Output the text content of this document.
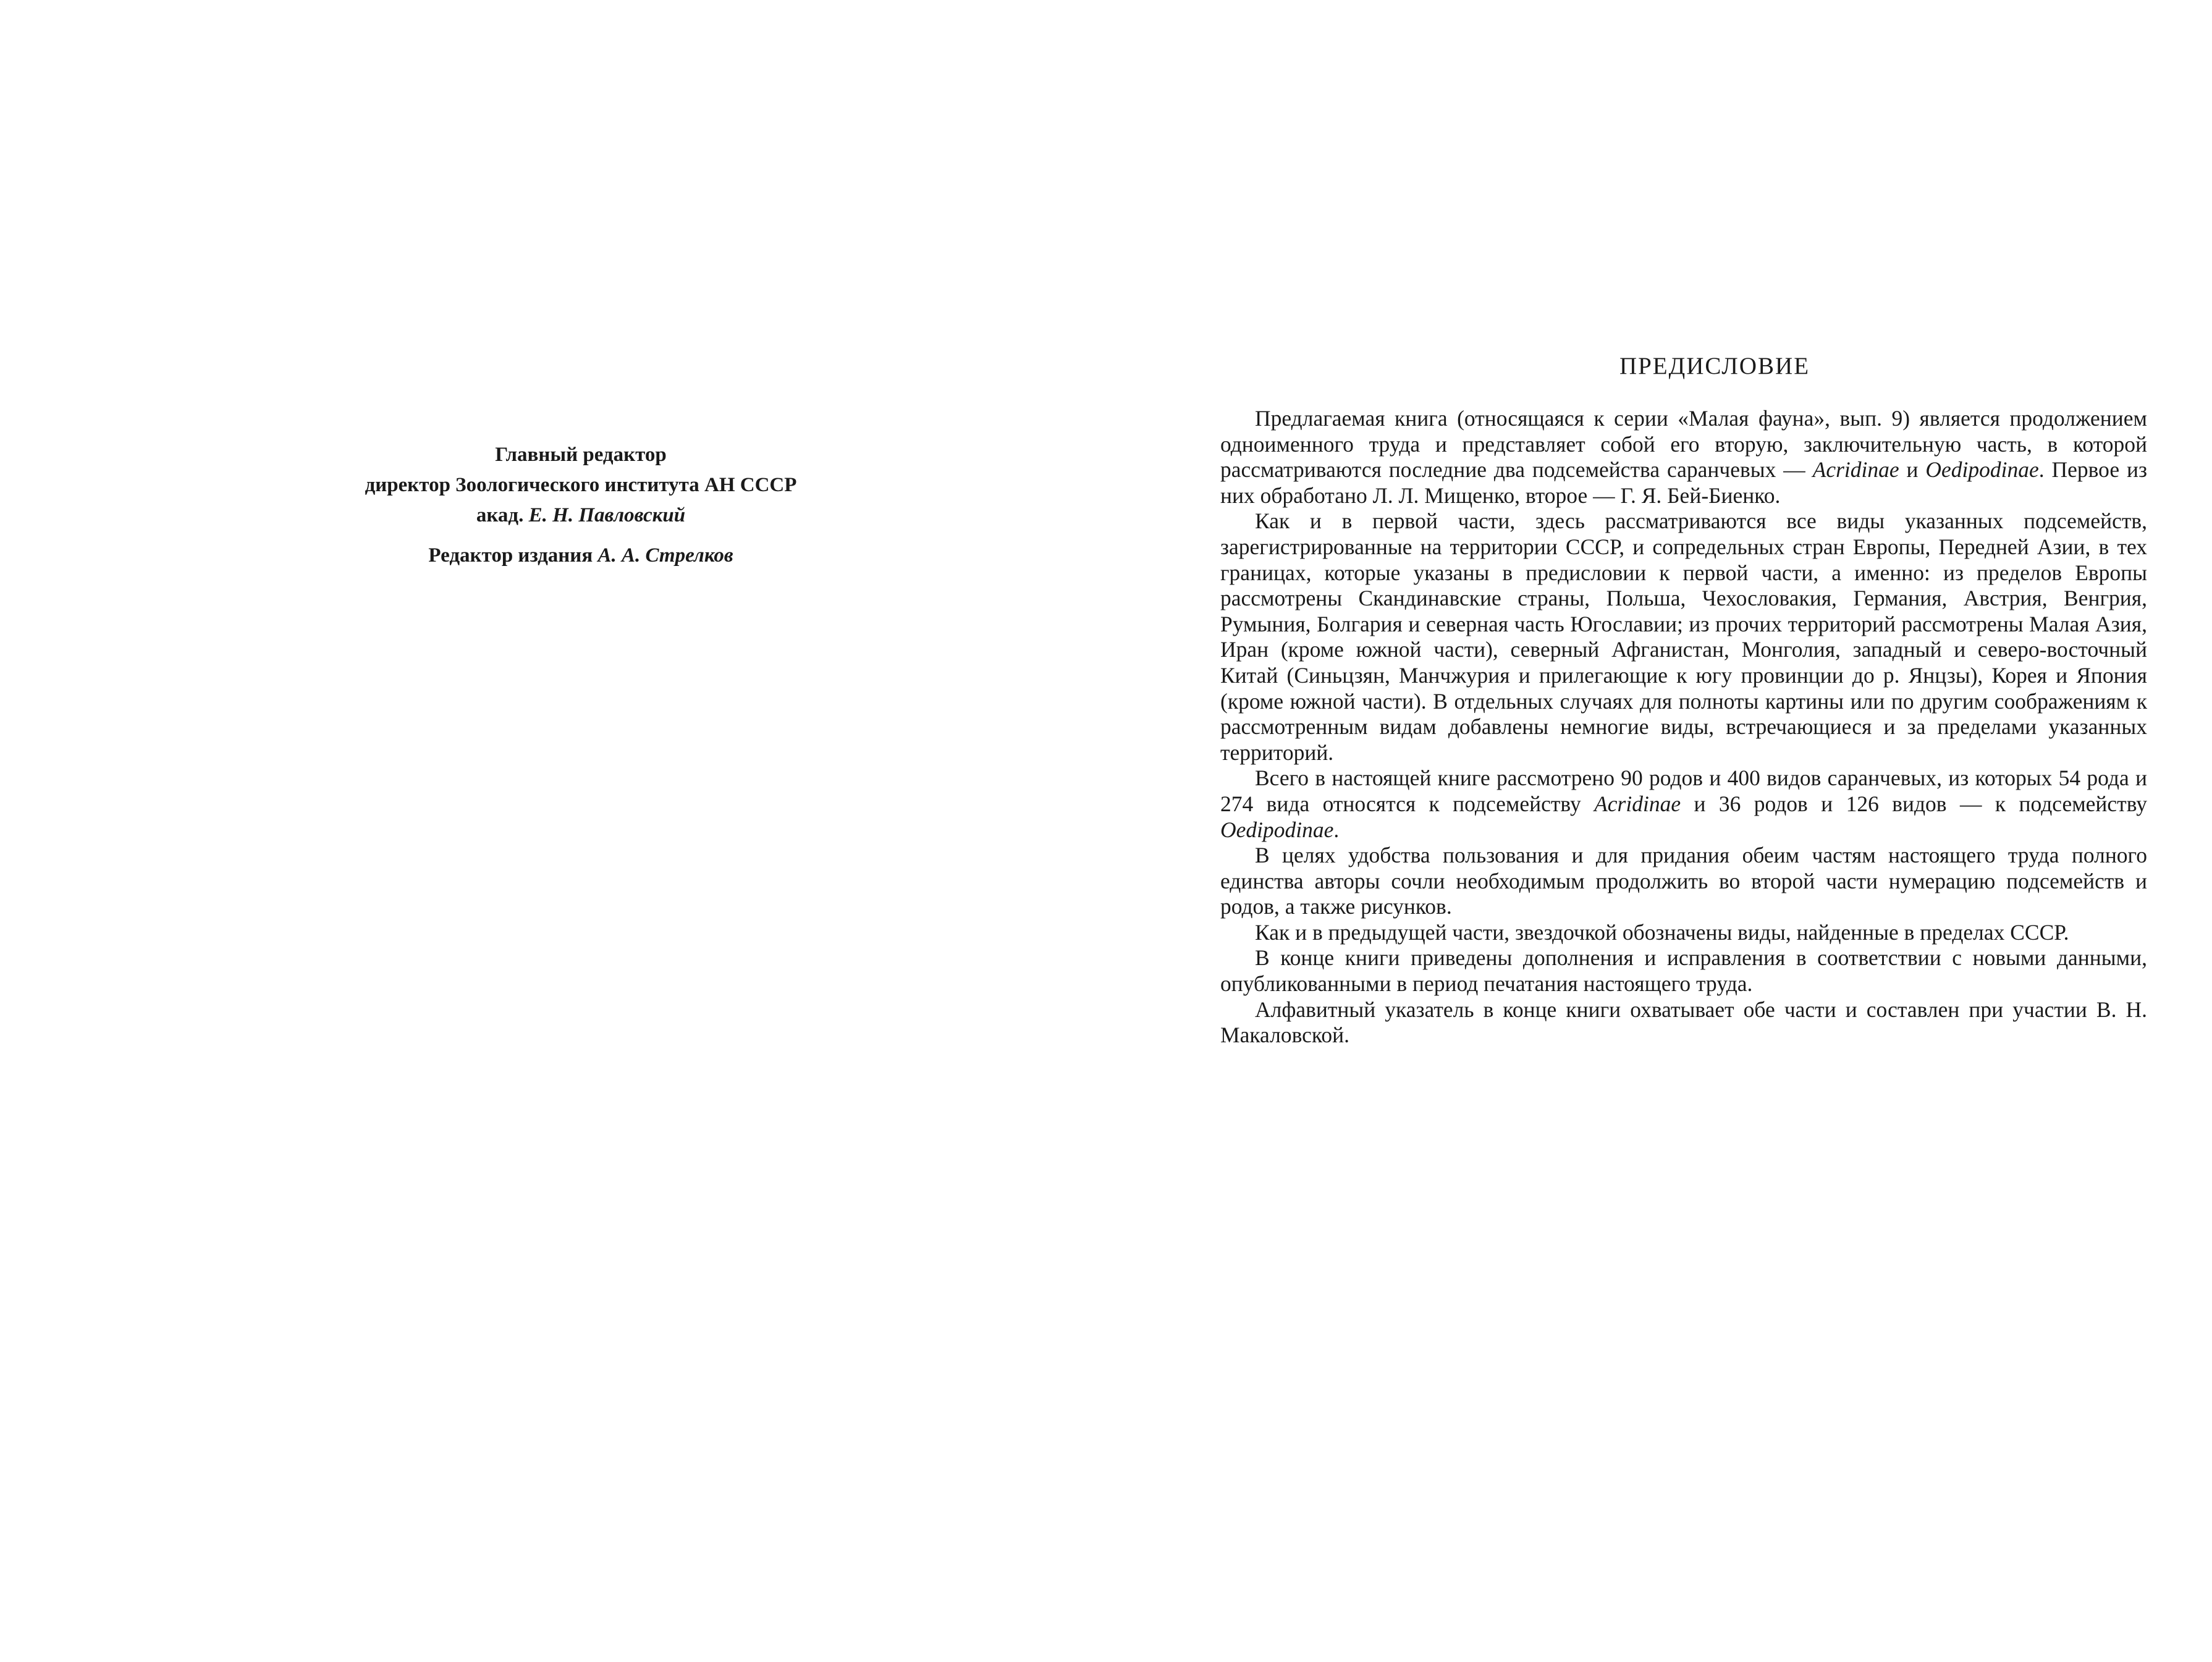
Главный редактор
директор Зоологического института АН СССР
акад. Е. Н. Павловский
Редактор издания А. А. Стрелков
ПРЕДИСЛОВИЕ

Предлагаемая книга (относящаяся к серии «Малая фауна», вып. 9) является продолжением одноименного труда и представляет собой его вторую, заключительную часть, в которой рассматриваются последние два подсемейства саранчевых — Acridinae и Oedipodinae. Первое из них обработано Л. Л. Мищенко, второе — Г. Я. Бей-Биенко.

Как и в первой части, здесь рассматриваются все виды указанных подсемейств, зарегистрированные на территории СССР, и сопредельных стран Европы, Передней Азии, в тех границах, которые указаны в предисловии к первой части, а именно: из пределов Европы рассмотрены Скандинавские страны, Польша, Чехословакия, Германия, Австрия, Венгрия, Румыния, Болгария и северная часть Югославии; из прочих территорий рассмотрены Малая Азия, Иран (кроме южной части), северный Афганистан, Монголия, западный и северо-восточный Китай (Синьцзян, Манчжурия и прилегающие к югу провинции до р. Янцзы), Корея и Япония (кроме южной части). В отдельных случаях для полноты картины или по другим соображениям к рассмотренным видам добавлены немногие виды, встречающиеся и за пределами указанных территорий.

Всего в настоящей книге рассмотрено 90 родов и 400 видов саранчевых, из которых 54 рода и 274 вида относятся к подсемейству Acridinae и 36 родов и 126 видов — к подсемейству Oedipodinae.

В целях удобства пользования и для придания обеим частям настоящего труда полного единства авторы сочли необходимым продолжить во второй части нумерацию подсемейств и родов, а также рисунков.

Как и в предыдущей части, звездочкой обозначены виды, найденные в пределах СССР.

В конце книги приведены дополнения и исправления в соответствии с новыми данными, опубликованными в период печатания настоящего труда.

Алфавитный указатель в конце книги охватывает обе части и составлен при участии В. Н. Макаловской.
